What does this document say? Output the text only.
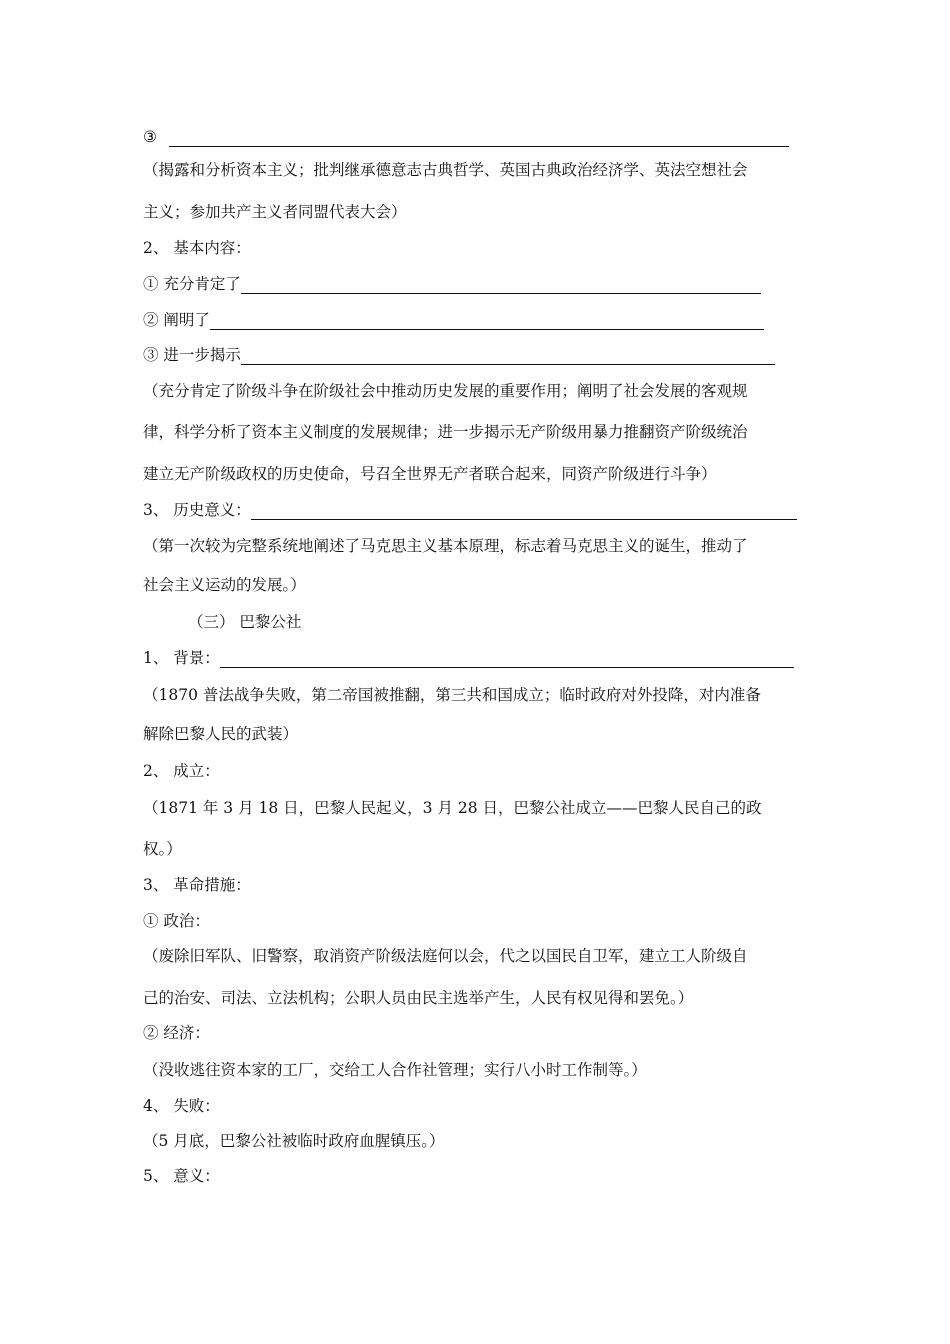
③
（揭露和分析资本主义；批判继承德意志古典哲学、英国古典政治经济学、英法空想社会
主义；参加共产主义者同盟代表大会）
2、 基本内容：
① 充分肯定了
② 阐明了
③ 进一步揭示
（充分肯定了阶级斗争在阶级社会中推动历史发展的重要作用；阐明了社会发展的客观规
律，科学分析了资本主义制度的发展规律；进一步揭示无产阶级用暴力推翻资产阶级统治
建立无产阶级政权的历史使命，号召全世界无产者联合起来，同资产阶级进行斗争）
3、 历史意义：
（第一次较为完整系统地阐述了马克思主义基本原理，标志着马克思主义的诞生，推动了
社会主义运动的发展。）
（三） 巴黎公社
1、 背景：
（1870 普法战争失败，第二帝国被推翻，第三共和国成立；临时政府对外投降，对内准备
解除巴黎人民的武装）
2、 成立：
（1871 年 3 月 18 日，巴黎人民起义，3 月 28 日，巴黎公社成立——巴黎人民自己的政
权。）
3、 革命措施：
① 政治：
（废除旧军队、旧警察，取消资产阶级法庭何以会，代之以国民自卫军，建立工人阶级自
己的治安、司法、立法机构；公职人员由民主选举产生，人民有权见得和罢免。）
② 经济：
（没收逃往资本家的工厂，交给工人合作社管理；实行八小时工作制等。）
4、 失败：
（5 月底，巴黎公社被临时政府血腥镇压。）
5、 意义：
